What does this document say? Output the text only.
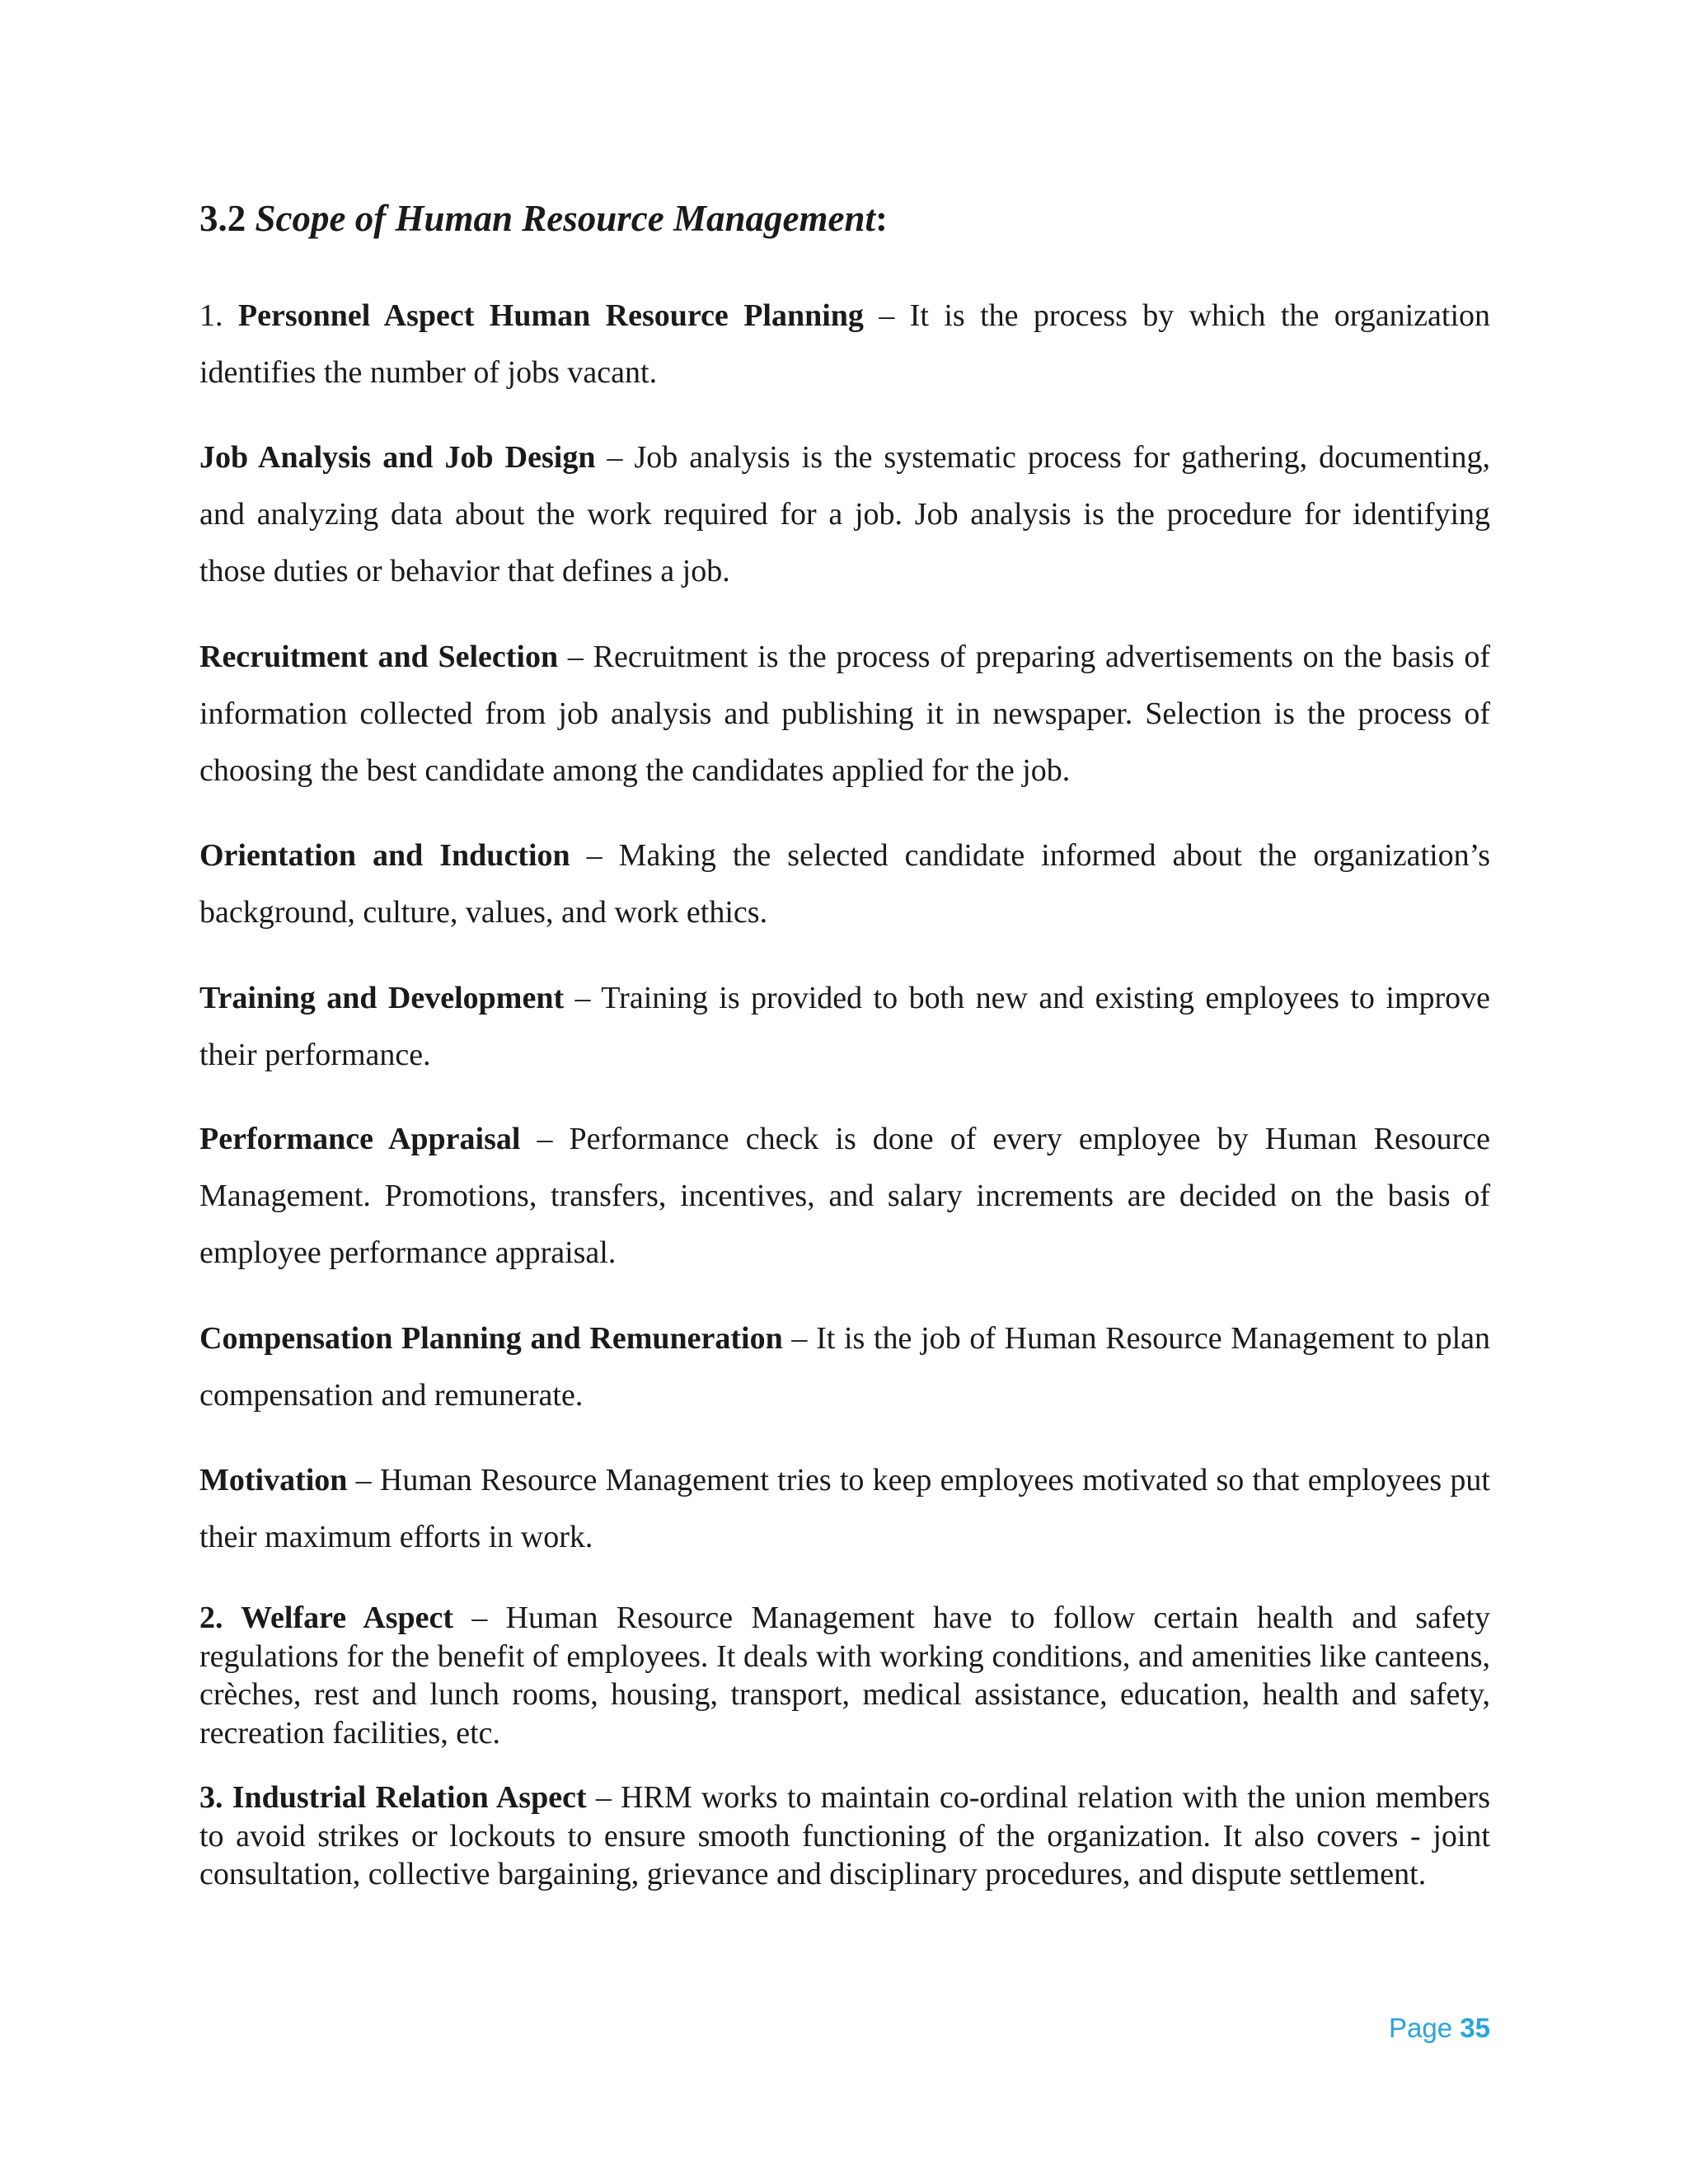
3.2 Scope of Human Resource Management:

1. Personnel Aspect Human Resource Planning – It is the process by which the organization identifies the number of jobs vacant.

Job Analysis and Job Design – Job analysis is the systematic process for gathering, documenting, and analyzing data about the work required for a job. Job analysis is the procedure for identifying those duties or behavior that defines a job.

Recruitment and Selection – Recruitment is the process of preparing advertisements on the basis of information collected from job analysis and publishing it in newspaper. Selection is the process of choosing the best candidate among the candidates applied for the job.

Orientation and Induction – Making the selected candidate informed about the organization’s background, culture, values, and work ethics.

Training and Development – Training is provided to both new and existing employees to improve their performance.

Performance Appraisal – Performance check is done of every employee by Human Resource Management. Promotions, transfers, incentives, and salary increments are decided on the basis of employee performance appraisal.

Compensation Planning and Remuneration – It is the job of Human Resource Management to plan compensation and remunerate.

Motivation – Human Resource Management tries to keep employees motivated so that employees put their maximum efforts in work.

2. Welfare Aspect – Human Resource Management have to follow certain health and safety regulations for the benefit of employees. It deals with working conditions, and amenities like canteens, crèches, rest and lunch rooms, housing, transport, medical assistance, education, health and safety, recreation facilities, etc.

3. Industrial Relation Aspect – HRM works to maintain co-ordinal relation with the union members to avoid strikes or lockouts to ensure smooth functioning of the organization. It also covers - joint consultation, collective bargaining, grievance and disciplinary procedures, and dispute settlement.

Page 35
